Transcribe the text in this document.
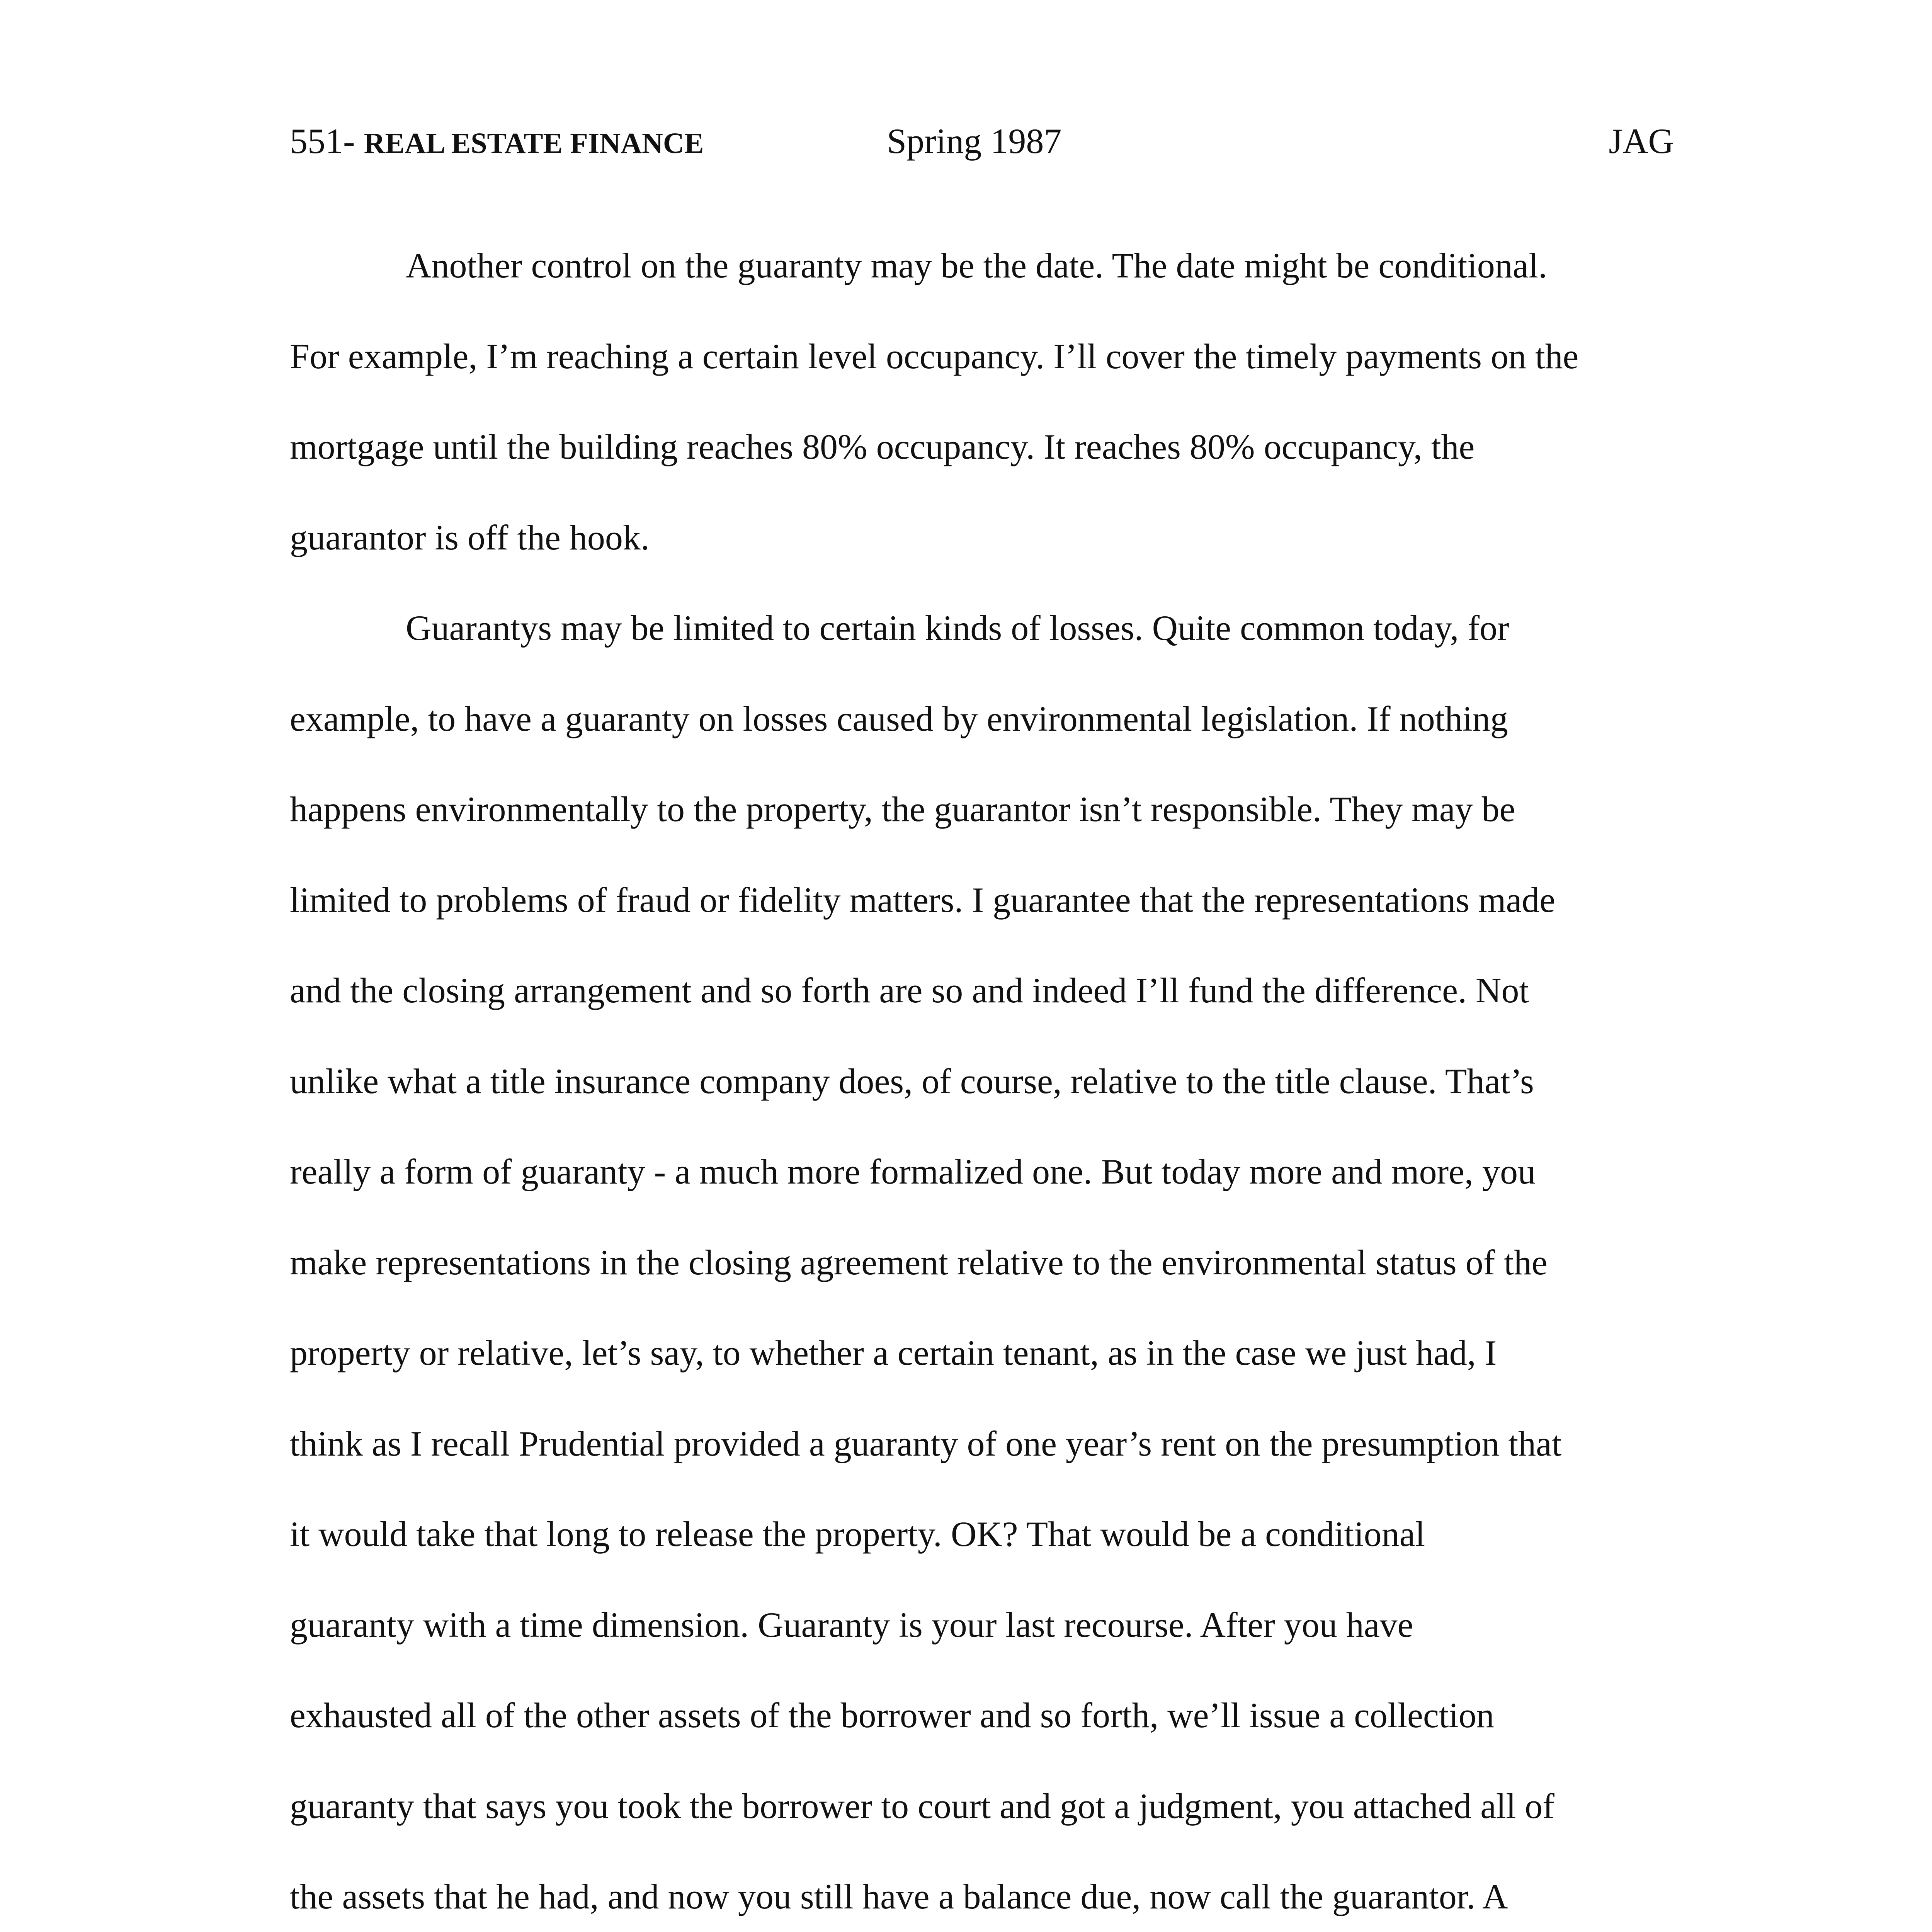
551- REAL ESTATE FINANCE	Spring 1987	JAG
Another control on the guaranty may be the date. The date might be conditional.
For example, I’m reaching a certain level occupancy. I’ll cover the timely payments on the
mortgage until the building reaches 80% occupancy. It reaches 80% occupancy, the
guarantor is off the hook.
Guarantys may be limited to certain kinds of losses. Quite common today, for
example, to have a guaranty on losses caused by environmental legislation. If nothing
happens environmentally to the property, the guarantor isn’t responsible. They may be
limited to problems of fraud or fidelity matters. I guarantee that the representations made
and the closing arrangement and so forth are so and indeed I’ll fund the difference. Not
unlike what a title insurance company does, of course, relative to the title clause. That’s
really a form of guaranty - a much more formalized one. But today more and more, you
make representations in the closing agreement relative to the environmental status of the
property or relative, let’s say, to whether a certain tenant, as in the case we just had, I
think as I recall Prudential provided a guaranty of one year’s rent on the presumption that
it would take that long to release the property. OK? That would be a conditional
guaranty with a time dimension. Guaranty is your last recourse. After you have
exhausted all of the other assets of the borrower and so forth, we’ll issue a collection
guaranty that says you took the borrower to court and got a judgment, you attached all of
the assets that he had, and now you still have a balance due, now call the guarantor. A
